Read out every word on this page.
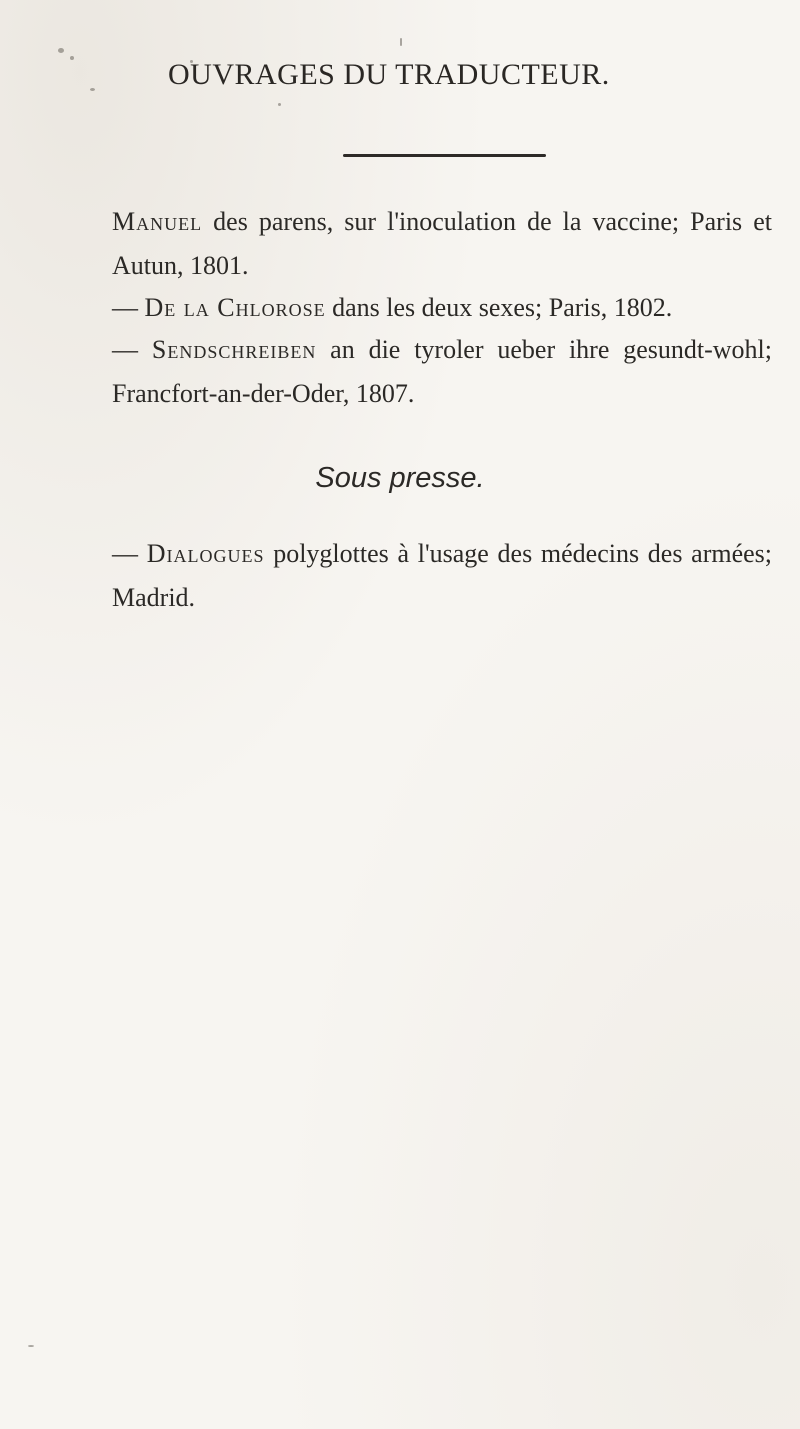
OUVRAGES DU TRADUCTEUR.
Manuel des parens, sur l'inoculation de la vaccine; Paris et Autun, 1801.
— De la Chlorose dans les deux sexes; Paris, 1802.
— Sendschreiben an die tyroler ueber ihre gesundt-wohl; Francfort-an-der-Oder, 1807.
Sous presse.
— Dialogues polyglottes à l'usage des médecins des armées; Madrid.
